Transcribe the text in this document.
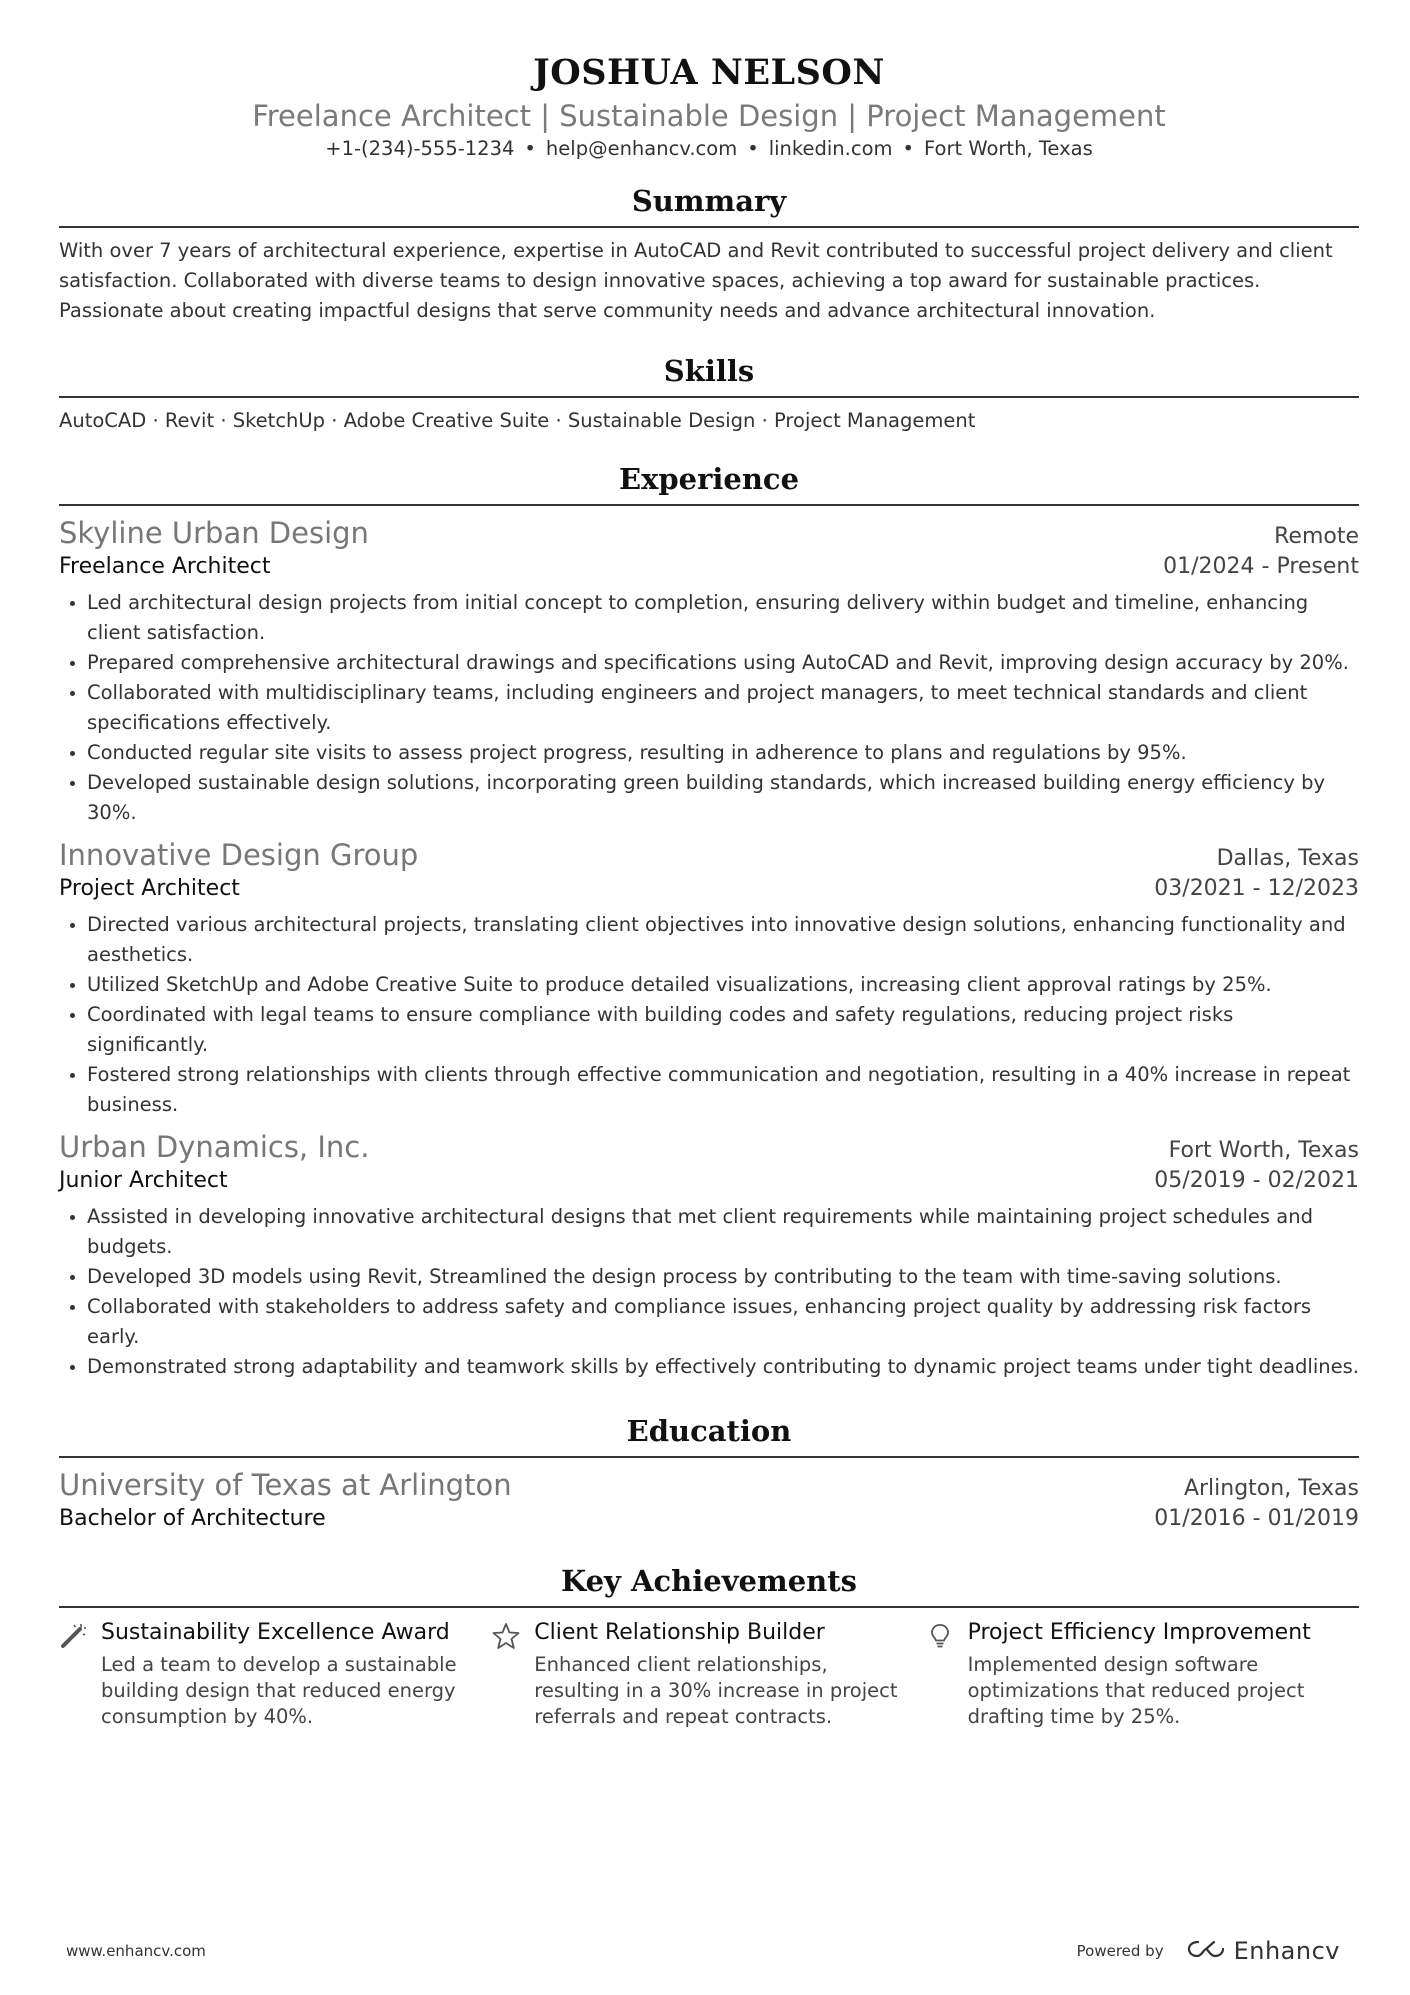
JOSHUA NELSON
Freelance Architect | Sustainable Design | Project Management
+1-(234)-555-1234 • help@enhancv.com • linkedin.com • Fort Worth, Texas
Summary
With over 7 years of architectural experience, expertise in AutoCAD and Revit contributed to successful project delivery and client satisfaction. Collaborated with diverse teams to design innovative spaces, achieving a top award for sustainable practices. Passionate about creating impactful designs that serve community needs and advance architectural innovation.
Skills
AutoCAD · Revit · SketchUp · Adobe Creative Suite · Sustainable Design · Project Management
Experience
Skyline Urban Design	Remote
Freelance Architect	01/2024 - Present
• Led architectural design projects from initial concept to completion, ensuring delivery within budget and timeline, enhancing client satisfaction.
• Prepared comprehensive architectural drawings and specifications using AutoCAD and Revit, improving design accuracy by 20%.
• Collaborated with multidisciplinary teams, including engineers and project managers, to meet technical standards and client specifications effectively.
• Conducted regular site visits to assess project progress, resulting in adherence to plans and regulations by 95%.
• Developed sustainable design solutions, incorporating green building standards, which increased building energy efficiency by 30%.
Innovative Design Group	Dallas, Texas
Project Architect	03/2021 - 12/2023
• Directed various architectural projects, translating client objectives into innovative design solutions, enhancing functionality and aesthetics.
• Utilized SketchUp and Adobe Creative Suite to produce detailed visualizations, increasing client approval ratings by 25%.
• Coordinated with legal teams to ensure compliance with building codes and safety regulations, reducing project risks significantly.
• Fostered strong relationships with clients through effective communication and negotiation, resulting in a 40% increase in repeat business.
Urban Dynamics, Inc.	Fort Worth, Texas
Junior Architect	05/2019 - 02/2021
• Assisted in developing innovative architectural designs that met client requirements while maintaining project schedules and budgets.
• Developed 3D models using Revit, Streamlined the design process by contributing to the team with time-saving solutions.
• Collaborated with stakeholders to address safety and compliance issues, enhancing project quality by addressing risk factors early.
• Demonstrated strong adaptability and teamwork skills by effectively contributing to dynamic project teams under tight deadlines.
Education
University of Texas at Arlington	Arlington, Texas
Bachelor of Architecture	01/2016 - 01/2019
Key Achievements
Sustainability Excellence Award
Led a team to develop a sustainable building design that reduced energy consumption by 40%.
Client Relationship Builder
Enhanced client relationships, resulting in a 30% increase in project referrals and repeat contracts.
Project Efficiency Improvement
Implemented design software optimizations that reduced project drafting time by 25%.
www.enhancv.com	Powered by	Enhancv
